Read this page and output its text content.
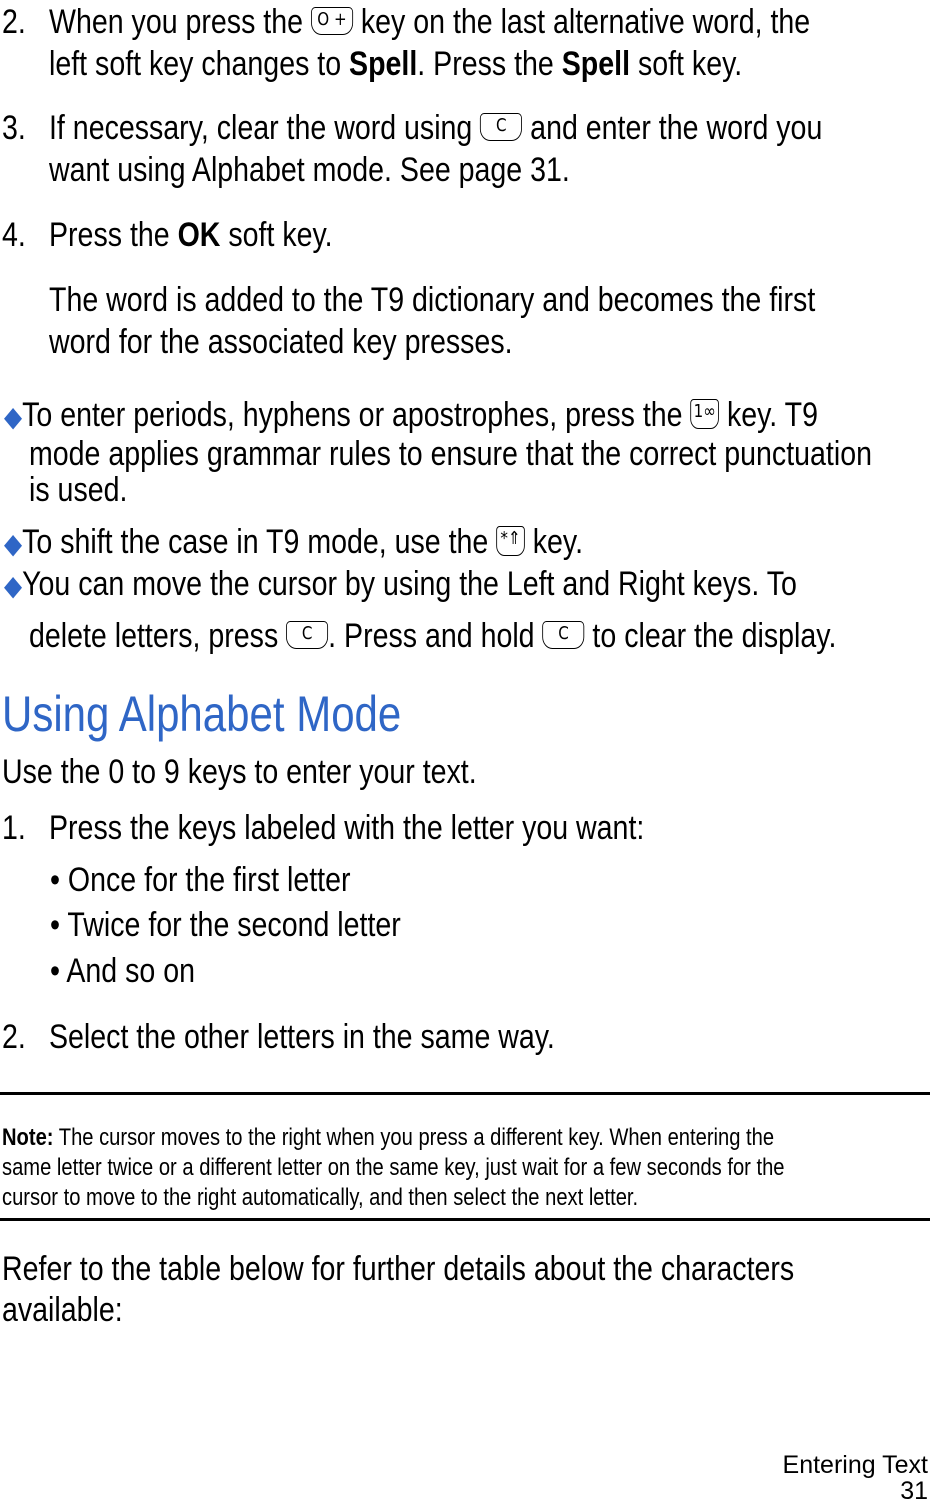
2. When you press the O + key on the last alternative word, the
left soft key changes to Spell. Press the Spell soft key.
3. If necessary, clear the word using C and enter the word you
want using Alphabet mode. See page 31.
4. Press the OK soft key.
The word is added to the T9 dictionary and becomes the first
word for the associated key presses.
◆To enter periods, hyphens or apostrophes, press the 1∞ key. T9
mode applies grammar rules to ensure that the correct punctuation
is used.
◆To shift the case in T9 mode, use the *⇑ key.
◆You can move the cursor by using the Left and Right keys. To
delete letters, press C . Press and hold C to clear the display.
Using Alphabet Mode
Use the 0 to 9 keys to enter your text.
1. Press the keys labeled with the letter you want:
• Once for the first letter
• Twice for the second letter
• And so on
2. Select the other letters in the same way.
Note: The cursor moves to the right when you press a different key. When entering the
same letter twice or a different letter on the same key, just wait for a few seconds for the
cursor to move to the right automatically, and then select the next letter.
Refer to the table below for further details about the characters
available:
Entering Text
31
